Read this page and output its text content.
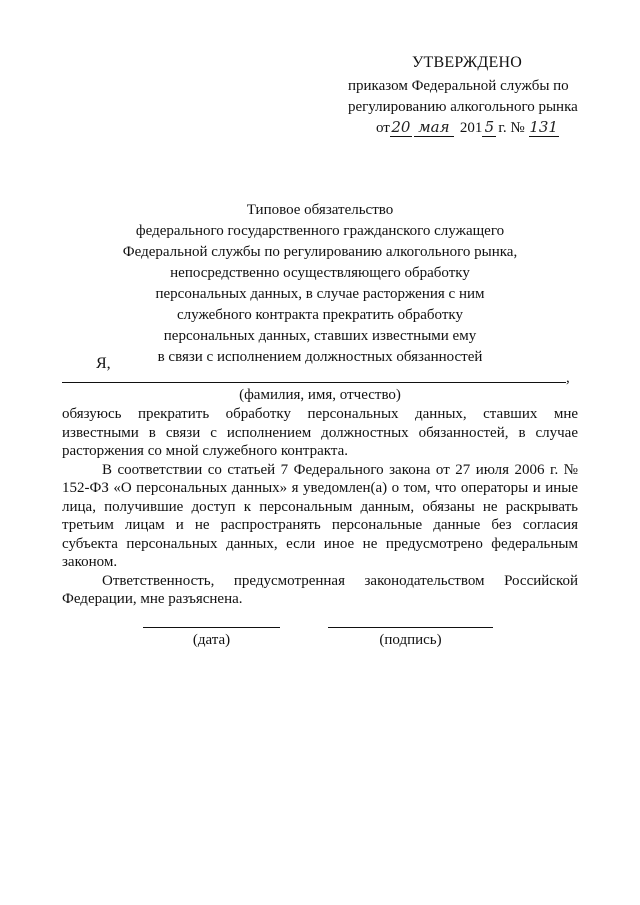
УТВЕРЖДЕНО
приказом Федеральной службы по
регулированию алкогольного рынка
от 20 мая 201 5 г. № 131
Типовое обязательство
федерального государственного гражданского служащего
Федеральной службы по регулированию алкогольного рынка,
непосредственно осуществляющего обработку
персональных данных, в случае расторжения с ним
служебного контракта прекратить обработку
персональных данных, ставших известными ему
в связи с исполнением должностных обязанностей
Я,
,
(фамилия, имя, отчество)

обязуюсь прекратить обработку персональных данных, ставших мне известными в связи с исполнением должностных обязанностей, в случае расторжения со мной служебного контракта.

В соответствии со статьей 7 Федерального закона от 27 июля 2006 г. № 152-ФЗ «О персональных данных» я уведомлен(а) о том, что операторы и иные лица, получившие доступ к персональным данным, обязаны не раскрывать третьим лицам и не распространять персональные данные без согласия субъекта персональных данных, если иное не предусмотрено федеральным законом.

Ответственность, предусмотренная законодательством Российской Федерации, мне разъяснена.

(дата)	(подпись)
